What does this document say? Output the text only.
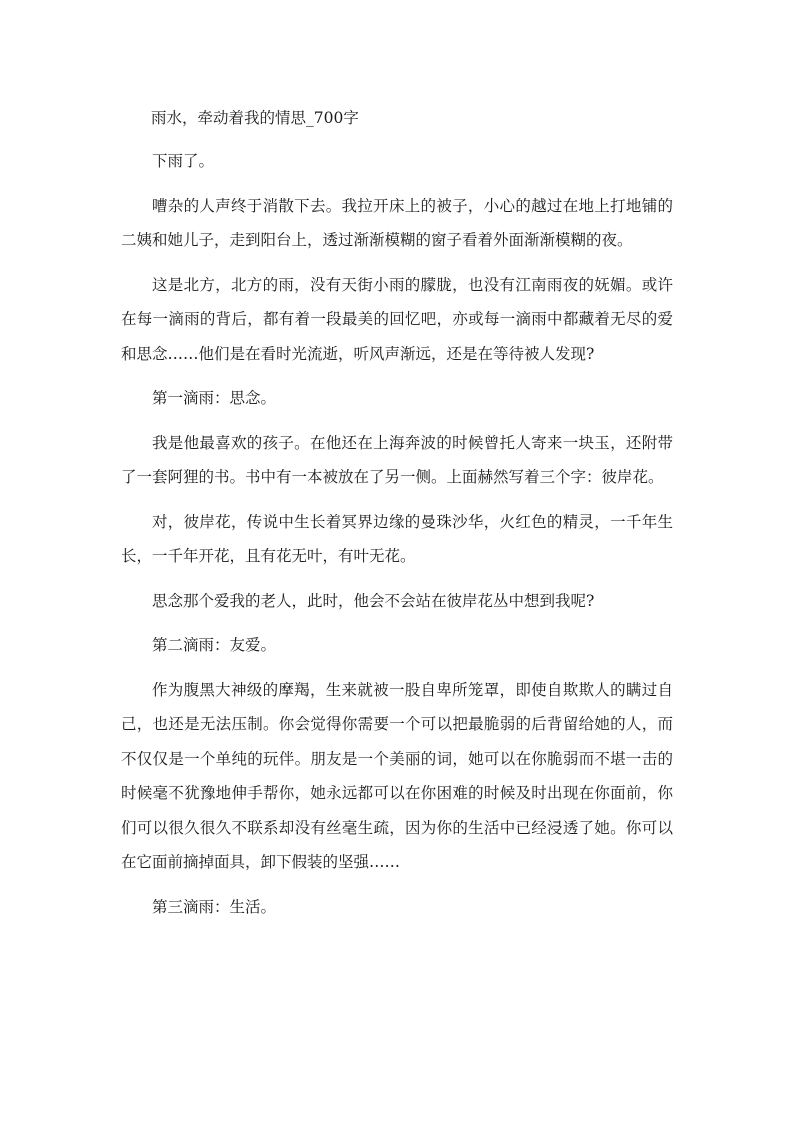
雨水，牵动着我的情思_700字

下雨了。

嘈杂的人声终于消散下去。我拉开床上的被子，小心的越过在地上打地铺的二姨和她儿子，走到阳台上，透过渐渐模糊的窗子看着外面渐渐模糊的夜。

这是北方，北方的雨，没有天街小雨的朦胧，也没有江南雨夜的妩媚。或许在每一滴雨的背后，都有着一段最美的回忆吧，亦或每一滴雨中都藏着无尽的爱和思念……他们是在看时光流逝，听风声渐远，还是在等待被人发现?

第一滴雨：思念。

我是他最喜欢的孩子。在他还在上海奔波的时候曾托人寄来一块玉，还附带了一套阿狸的书。书中有一本被放在了另一侧。上面赫然写着三个字：彼岸花。

对，彼岸花，传说中生长着冥界边缘的曼珠沙华，火红色的精灵，一千年生长，一千年开花，且有花无叶，有叶无花。

思念那个爱我的老人，此时，他会不会站在彼岸花丛中想到我呢?

第二滴雨：友爱。

作为腹黑大神级的摩羯，生来就被一股自卑所笼罩，即使自欺欺人的瞒过自己，也还是无法压制。你会觉得你需要一个可以把最脆弱的后背留给她的人，而不仅仅是一个单纯的玩伴。朋友是一个美丽的词，她可以在你脆弱而不堪一击的时候毫不犹豫地伸手帮你，她永远都可以在你困难的时候及时出现在你面前，你们可以很久很久不联系却没有丝毫生疏，因为你的生活中已经浸透了她。你可以在它面前摘掉面具，卸下假装的坚强……

第三滴雨：生活。
